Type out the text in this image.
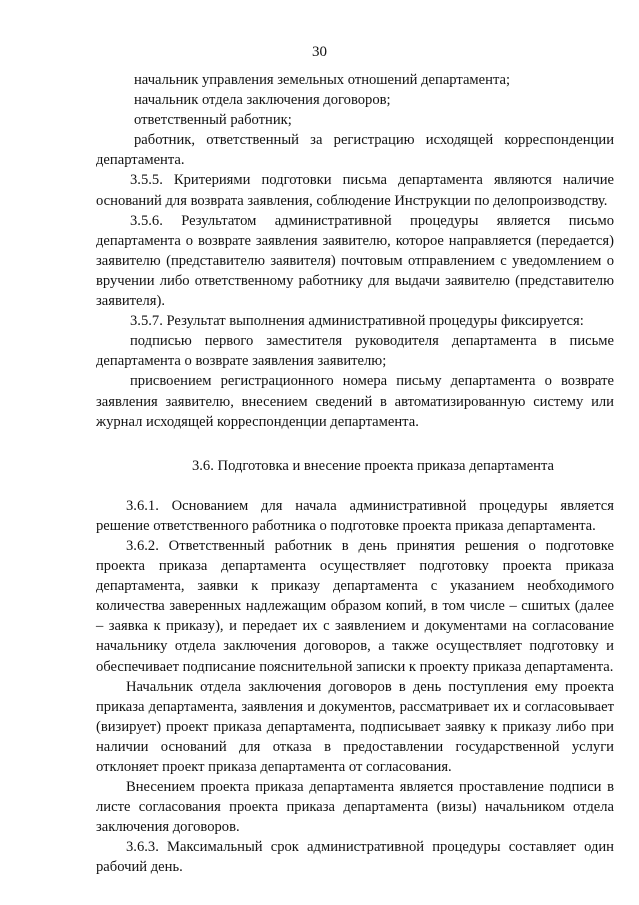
30

начальник управления земельных отношений департамента;

начальник отдела заключения договоров;

ответственный работник;

работник, ответственный за регистрацию исходящей корреспонденции департамента.

3.5.5. Критериями подготовки письма департамента являются наличие оснований для возврата заявления, соблюдение Инструкции по делопроизводству.

3.5.6. Результатом административной процедуры является письмо департамента о возврате заявления заявителю, которое направляется (передается) заявителю (представителю заявителя) почтовым отправлением с уведомлением о вручении либо ответственному работнику для выдачи заявителю (представителю заявителя).

3.5.7. Результат выполнения административной процедуры фиксируется:

подписью первого заместителя руководителя департамента в письме департамента о возврате заявления заявителю;

присвоением регистрационного номера письму департамента о возврате заявления заявителю, внесением сведений в автоматизированную систему или журнал исходящей корреспонденции департамента.

3.6. Подготовка и внесение проекта приказа департамента

3.6.1. Основанием для начала административной процедуры является решение ответственного работника о подготовке проекта приказа департамента.

3.6.2. Ответственный работник в день принятия решения о подготовке проекта приказа департамента осуществляет подготовку проекта приказа департамента, заявки к приказу департамента с указанием необходимого количества заверенных надлежащим образом копий, в том числе – сшитых (далее – заявка к приказу), и передает их с заявлением и документами на согласование начальнику отдела заключения договоров, а также осуществляет подготовку и обеспечивает подписание пояснительной записки к проекту приказа департамента.

Начальник отдела заключения договоров в день поступления ему проекта приказа департамента, заявления и документов, рассматривает их и согласовывает (визирует) проект приказа департамента, подписывает заявку к приказу либо при наличии оснований для отказа в предоставлении государственной услуги отклоняет проект приказа департамента от согласования.

Внесением проекта приказа департамента является проставление подписи в листе согласования проекта приказа департамента (визы) начальником отдела заключения договоров.

3.6.3. Максимальный срок административной процедуры составляет один рабочий день.
